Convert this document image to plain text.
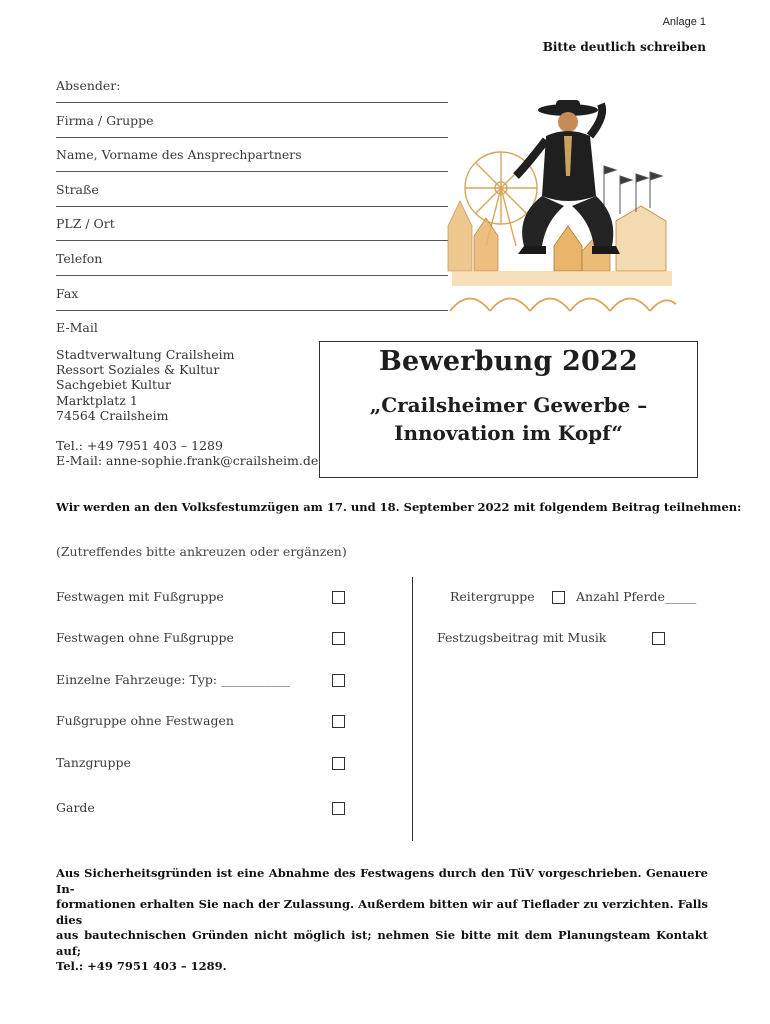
Anlage 1
Bitte deutlich schreiben
Absender:
Firma / Gruppe
Name, Vorname des Ansprechpartners
Straße
PLZ / Ort
Telefon
Fax
E-Mail
Stadtverwaltung Crailsheim
Ressort Soziales & Kultur
Sachgebiet Kultur
Marktplatz 1
74564 Crailsheim
Tel.: +49 7951 403 – 1289
E-Mail: anne-sophie.frank@crailsheim.de
Bewerbung 2022
„Crailsheimer Gewerbe –
Innovation im Kopf“
Wir werden an den Volksfestumzügen am 17. und 18. September 2022 mit folgendem Beitrag teilnehmen:
(Zutreffendes bitte ankreuzen oder ergänzen)
Festwagen mit Fußgruppe
Festwagen ohne Fußgruppe
Einzelne Fahrzeuge: Typ: ___________
Fußgruppe ohne Festwagen
Tanzgruppe
Garde
Reitergruppe	Anzahl Pferde_____
Festzugsbeitrag mit Musik
Aus Sicherheitsgründen ist eine Abnahme des Festwagens durch den TüV vorgeschrieben. Genauere In-
formationen erhalten Sie nach der Zulassung. Außerdem bitten wir auf Tieflader zu verzichten. Falls dies
aus bautechnischen Gründen nicht möglich ist; nehmen Sie bitte mit dem Planungsteam Kontakt auf;
Tel.: +49 7951 403 – 1289.
